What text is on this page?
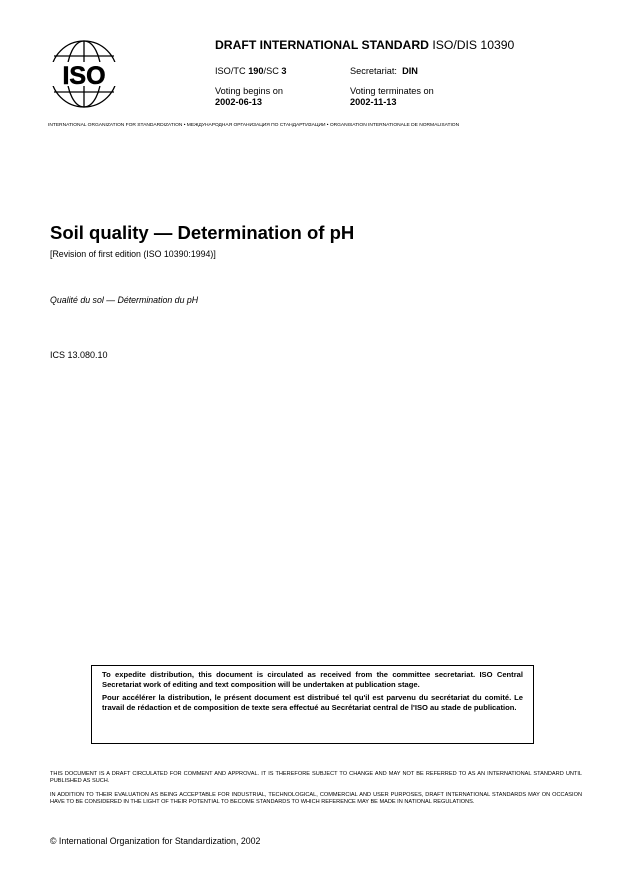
ISO
DRAFT INTERNATIONAL STANDARD ISO/DIS 10390
ISO/TC 190/SC 3	Secretariat: DIN
Voting begins on
2002-06-13
Voting terminates on
2002-11-13
INTERNATIONAL ORGANIZATION FOR STANDARDIZATION • МЕЖДУНАРОДНАЯ ОРГАНИЗАЦИЯ ПО СТАНДАРТИЗАЦИИ • ORGANISATION INTERNATIONALE DE NORMALISATION
Soil quality — Determination of pH
[Revision of first edition (ISO 10390:1994)]
Qualité du sol — Détermination du pH
ICS 13.080.10

To expedite distribution, this document is circulated as received from the committee secretariat. ISO Central Secretariat work of editing and text composition will be undertaken at publication stage.

Pour accélérer la distribution, le présent document est distribué tel qu'il est parvenu du secrétariat du comité. Le travail de rédaction et de composition de texte sera effectué au Secrétariat central de l'ISO au stade de publication.

THIS DOCUMENT IS A DRAFT CIRCULATED FOR COMMENT AND APPROVAL. IT IS THEREFORE SUBJECT TO CHANGE AND MAY NOT BE REFERRED TO AS AN INTERNATIONAL STANDARD UNTIL PUBLISHED AS SUCH.
IN ADDITION TO THEIR EVALUATION AS BEING ACCEPTABLE FOR INDUSTRIAL, TECHNOLOGICAL, COMMERCIAL AND USER PURPOSES, DRAFT INTERNATIONAL STANDARDS MAY ON OCCASION HAVE TO BE CONSIDERED IN THE LIGHT OF THEIR POTENTIAL TO BECOME STANDARDS TO WHICH REFERENCE MAY BE MADE IN NATIONAL REGULATIONS.
© International Organization for Standardization, 2002
